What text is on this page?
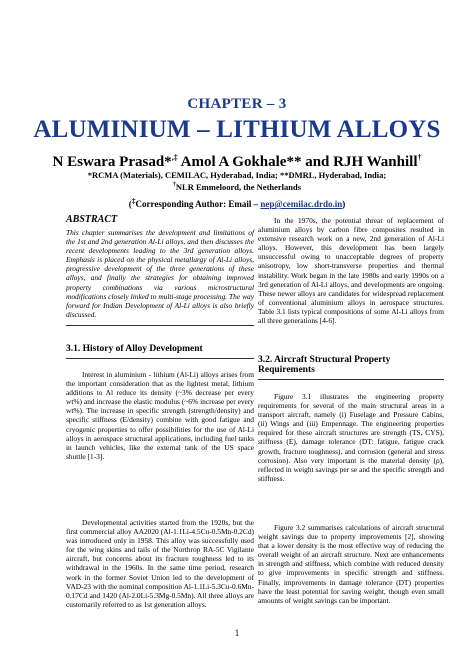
CHAPTER – 3
ALUMINIUM – LITHIUM ALLOYS
N Eswara Prasad*,‡ Amol A Gokhale** and RJH Wanhill†
*RCMA (Materials), CEMILAC, Hyderabad, India; **DMRL, Hyderabad, India;
†NLR Emmeloord, the Netherlands
(‡Corresponding Author: Email – nep@cemilac.drdo.in)

ABSTRACT

This chapter summarises the development and limitations of the 1st and 2nd generation Al-Li alloys, and then discusses the recent developments leading to the 3rd generation alloys. Emphasis is placed on the physical metallurgy of Al-Li alloys, progressive development of the three generations of these alloys, and finally the strategies for obtaining improved property combinations via various microstructural modifications closely linked to multi-stage processing. The way forward for Indian Development of Al-Li alloys is also briefly discussed.

3.1. History of Alloy Development

Interest in aluminium - lithium (Al-Li) alloys arises from the important consideration that as the lightest metal, lithium additions to Al reduce its density (~3% decrease per every wt%) and increase the elastic modulus (~6% increase per every wt%). The increase in specific strength (strength/density) and specific stiffness (E/density) combine with good fatigue and cryogenic properties to offer possibilities for the use of Al-Li alloys in aerospace structural applications, including fuel tanks in launch vehicles, like the external tank of the US space shuttle [1-3].

Developmental activities started from the 1920s, but the first commercial alloy AA2020 (Al-1.1Li-4.5Cu-0.5Mn-0.2Cd) was introduced only in 1958. This alloy was successfully used for the wing skins and tails of the Northrop RA-5C Vigilante aircraft, but concerns about its fracture toughness led to its withdrawal in the 1960s. In the same time period, research work in the former Soviet Union led to the development of VAD-23 with the nominal composition Al-1.1Li-5.3Cu-0.6Mn-0.17Cd and 1420 (Al-2.0Li-5.3Mg-0.5Mn). All three alloys are customarily referred to as 1st generation alloys.

In the 1970s, the potential threat of replacement of aluminium alloys by carbon fibre composites resulted in extensive research work on a new, 2nd generation of Al-Li alloys. However, this development has been largely unsuccessful owing to unacceptable degrees of property anisotropy, low short-transverse properties and thermal instability. Work began in the late 1980s and early 1990s on a 3rd generation of Al-Li alloys, and developments are ongoing. These newer alloys are candidates for widespread replacement of conventional aluminium alloys in aerospace structures. Table 3.1 lists typical compositions of some Al-Li alloys from all three generations [4-6].

3.2. Aircraft Structural Property Requirements

Figure 3.1 illustrates the engineering property requirements for several of the main structural areas in a transport aircraft, namely (i) Fuselage and Pressure Cabins, (ii) Wings and (iii) Empennage. The engineering properties required for these aircraft structures are strength (TS, CYS), stiffness (E), damage tolerance (DT: fatigue, fatigue crack growth, fracture toughness), and corrosion (general and stress corrosion). Also very important is the material density (ρ), reflected in weight savings per se and the specific strength and stiffness.

Figure 3.2 summarises calculations of aircraft structural weight savings due to property improvements [2], showing that a lower density is the most effective way of reducing the overall weight of an aircraft structure. Next are enhancements in strength and stiffness, which combine with reduced density to give improvements in specific strength and stiffness. Finally, improvements in damage tolerance (DT) properties have the least potential for saving weight, though even small amounts of weight savings can be important.

1
